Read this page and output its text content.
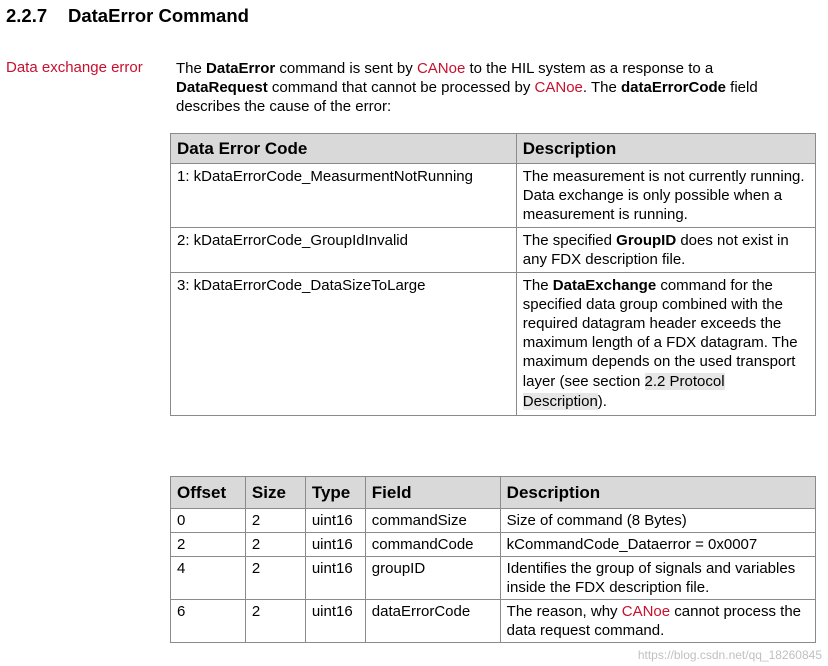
2.2.7 DataError Command
Data exchange error The DataError command is sent by CANoe to the HIL system as a response to a DataRequest command that cannot be processed by CANoe. The dataErrorCode field describes the cause of the error:
Data Error Code	Description
1: kDataErrorCode_MeasurmentNotRunning	The measurement is not currently running. Data exchange is only possible when a measurement is running.
2: kDataErrorCode_GroupIdInvalid	The specified GroupID does not exist in any FDX description file.
3: kDataErrorCode_DataSizeToLarge	The DataExchange command for the specified data group combined with the required datagram header exceeds the maximum length of a FDX datagram. The maximum depends on the used transport
layer (see section 2.2 Protocol
Description).
Offset	Size	Type	Field	Description
0	2	uint16	commandSize	Size of command (8 Bytes)
2	2	uint16	commandCode	kCommandCode_Dataerror = 0x0007
4	2	uint16	groupID	Identifies the group of signals and variables inside the FDX description file.
6	2	uint16	dataErrorCode	The reason, why CANoe cannot process the data request command.
https://blog.csdn.net/qq_18260845
